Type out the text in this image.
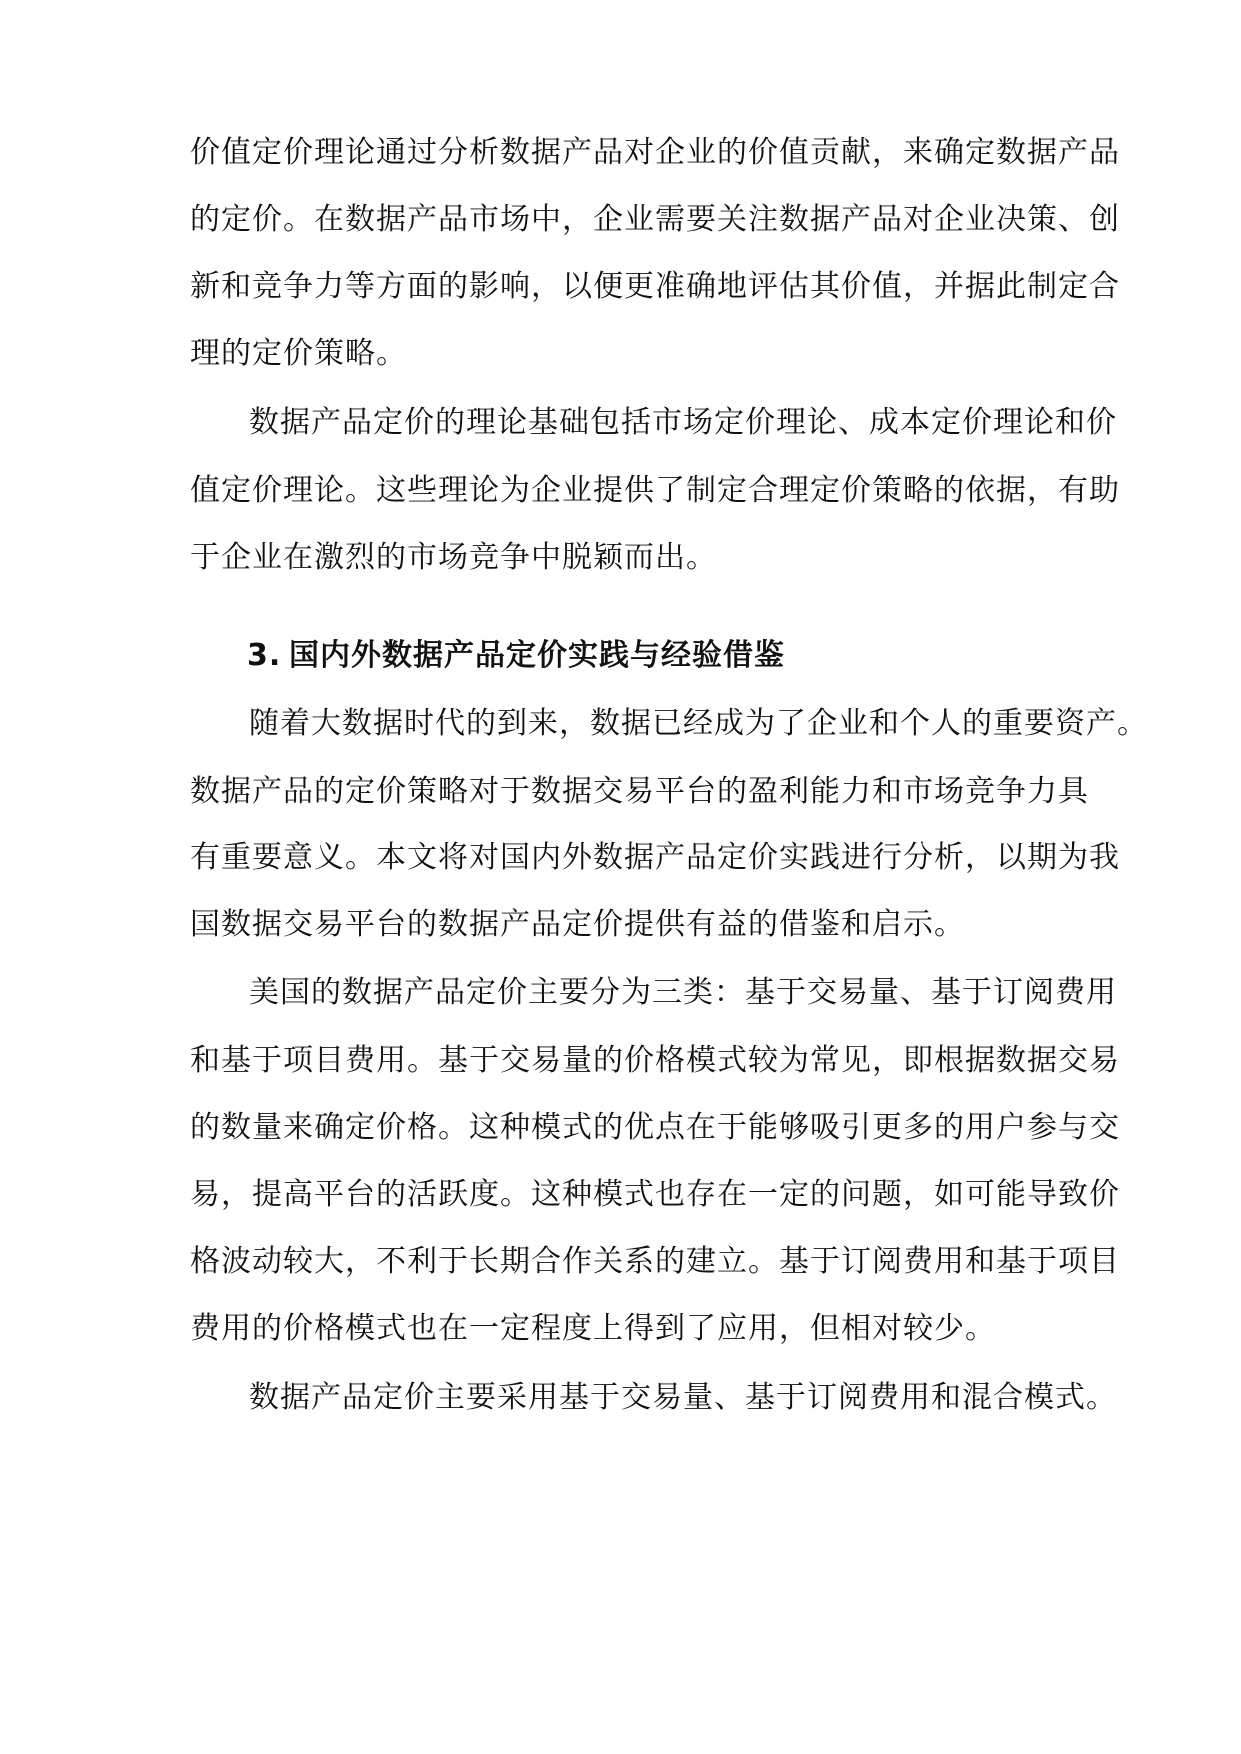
价值定价理论通过分析数据产品对企业的价值贡献，来确定数据产品
的定价。在数据产品市场中，企业需要关注数据产品对企业决策、创
新和竞争力等方面的影响，以便更准确地评估其价值，并据此制定合
理的定价策略。
数据产品定价的理论基础包括市场定价理论、成本定价理论和价
值定价理论。这些理论为企业提供了制定合理定价策略的依据，有助
于企业在激烈的市场竞争中脱颖而出。
3. 国内外数据产品定价实践与经验借鉴
随着大数据时代的到来，数据已经成为了企业和个人的重要资产。
数据产品的定价策略对于数据交易平台的盈利能力和市场竞争力具
有重要意义。本文将对国内外数据产品定价实践进行分析，以期为我
国数据交易平台的数据产品定价提供有益的借鉴和启示。
美国的数据产品定价主要分为三类：基于交易量、基于订阅费用
和基于项目费用。基于交易量的价格模式较为常见，即根据数据交易
的数量来确定价格。这种模式的优点在于能够吸引更多的用户参与交
易，提高平台的活跃度。这种模式也存在一定的问题，如可能导致价
格波动较大，不利于长期合作关系的建立。基于订阅费用和基于项目
费用的价格模式也在一定程度上得到了应用，但相对较少。
数据产品定价主要采用基于交易量、基于订阅费用和混合模式。
